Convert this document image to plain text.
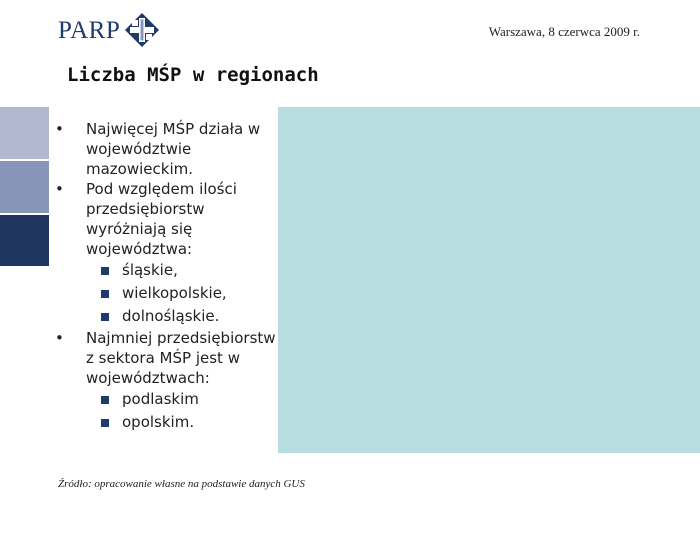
PARP	Warszawa, 8 czerwca 2009 r.
Liczba MŚP w regionach
• Najwięcej MŚP działa w województwie mazowieckim.
• Pod względem ilości przedsiębiorstw wyróżniają się województwa:
śląskie,
wielkopolskie,
dolnośląskie.
• Najmniej przedsiębiorstw z sektora MŚP jest w województwach:
podlaskim
opolskim.
Źródło: opracowanie własne na podstawie danych GUS
